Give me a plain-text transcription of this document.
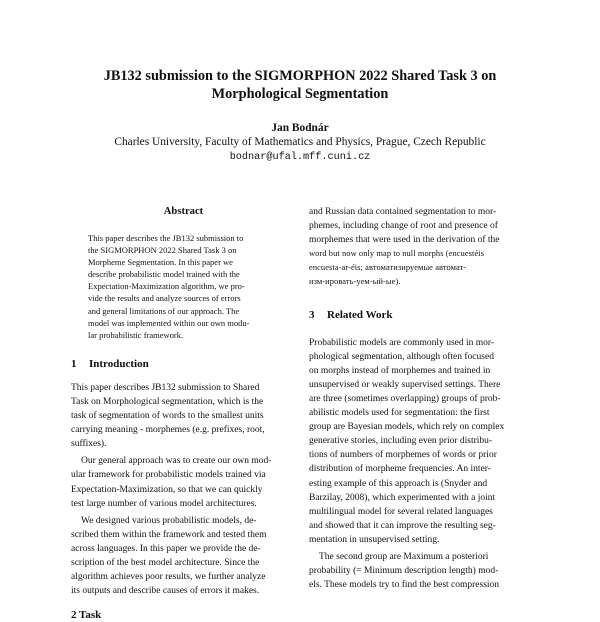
JB132 submission to the SIGMORPHON 2022 Shared Task 3 on
Morphological Segmentation
Jan Bodnár
Charles University, Faculty of Mathematics and Physics, Prague, Czech Republic
bodnar@ufal.mff.cuni.cz
Abstract
This paper describes the JB132 submission to
the SIGMORPHON 2022 Shared Task 3 on
Morpheme Segmentation. In this paper we
describe probabilistic model trained with the
Expectation-Maximization algorithm, we pro-
vide the results and analyze sources of errors
and general limitations of our approach. The
model was implemented within our own modu-
lar probabilistic framework.
1 Introduction
This paper describes JB132 submission to Shared
Task on Morphological segmentation, which is the
task of segmentation of words to the smallest units
carrying meaning - morphemes (e.g. prefixes, root,
suffixes).
Our general approach was to create our own mod-
ular framework for probabilistic models trained via
Expectation-Maximization, so that we can quickly
test large number of various model architectures.
We designed various probabilistic models, de-
scribed them within the framework and tested them
across languages. In this paper we provide the de-
scription of the best model architecture. Since the
algorithm achieves poor results, we further analyze
its outputs and describe causes of errors it makes.
2 Task
and Russian data contained segmentation to mor-
phemes, including change of root and presence of
morphemes that were used in the derivation of the
word but now only map to null morphs (encuestéis
encuesta-ar-éis; автоматизируемые автомат-
изм-ировать-уем-ый-ые).
3 Related Work
Probabilistic models are commonly used in mor-
phological segmentation, although often focused
on morphs instead of morphemes and trained in
unsupervised or weakly supervised settings. There
are three (sometimes overlapping) groups of prob-
abilistic models used for segmentation: the first
group are Bayesian models, which rely on complex
generative stories, including even prior distribu-
tions of numbers of morphemes of words or prior
distribution of morpheme frequencies. An inter-
esting example of this approach is (Snyder and
Barzilay, 2008), which experimented with a joint
multilingual model for several related languages
and showed that it can improve the resulting seg-
mentation in unsupervised setting.
The second group are Maximum a posteriori
probability (= Minimum description length) mod-
els. These models try to find the best compression
